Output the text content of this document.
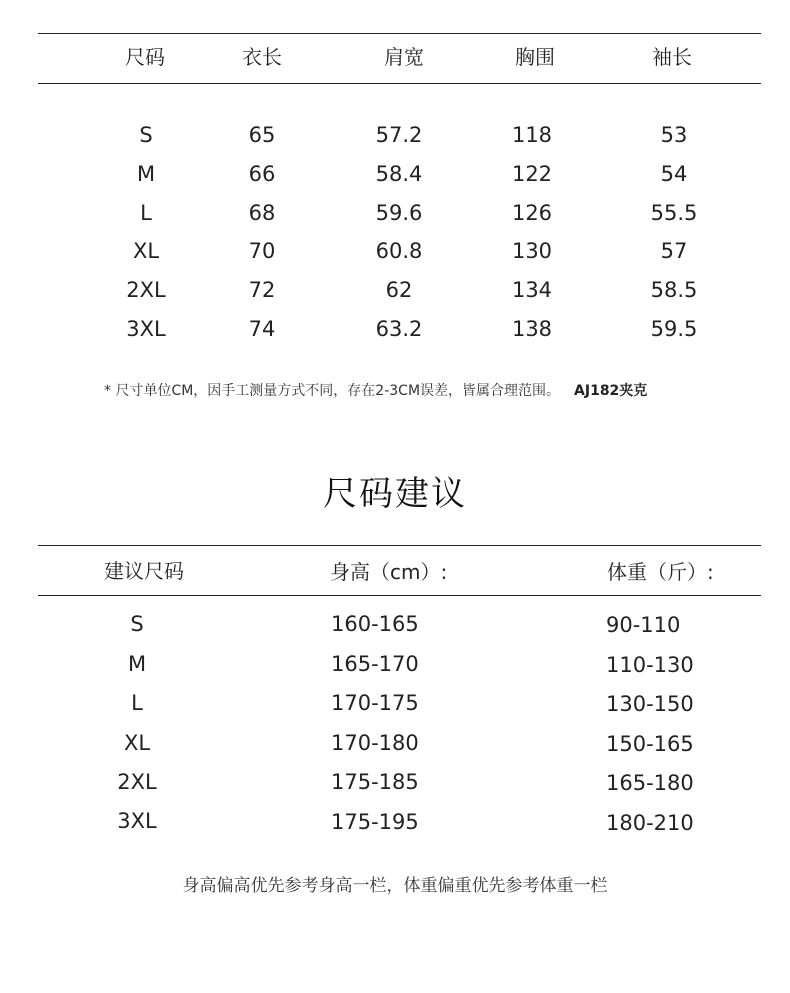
尺码	衣长	肩宽	胸围	袖长
S	65	57.2	118	53
M	66	58.4	122	54
L	68	59.6	126	55.5
XL	70	60.8	130	57
2XL	72	62	134	58.5
3XL	74	63.2	138	59.5
* 尺寸单位CM，因手工测量方式不同，存在2-3CM误差，皆属合理范围。 AJ182夹克
尺码建议
建议尺码	身高（cm）:	体重（斤）:
S	160-165	90-110
M	165-170	110-130
L	170-175	130-150
XL	170-180	150-165
2XL	175-185	165-180
3XL	175-195	180-210
身高偏高优先参考身高一栏，体重偏重优先参考体重一栏
